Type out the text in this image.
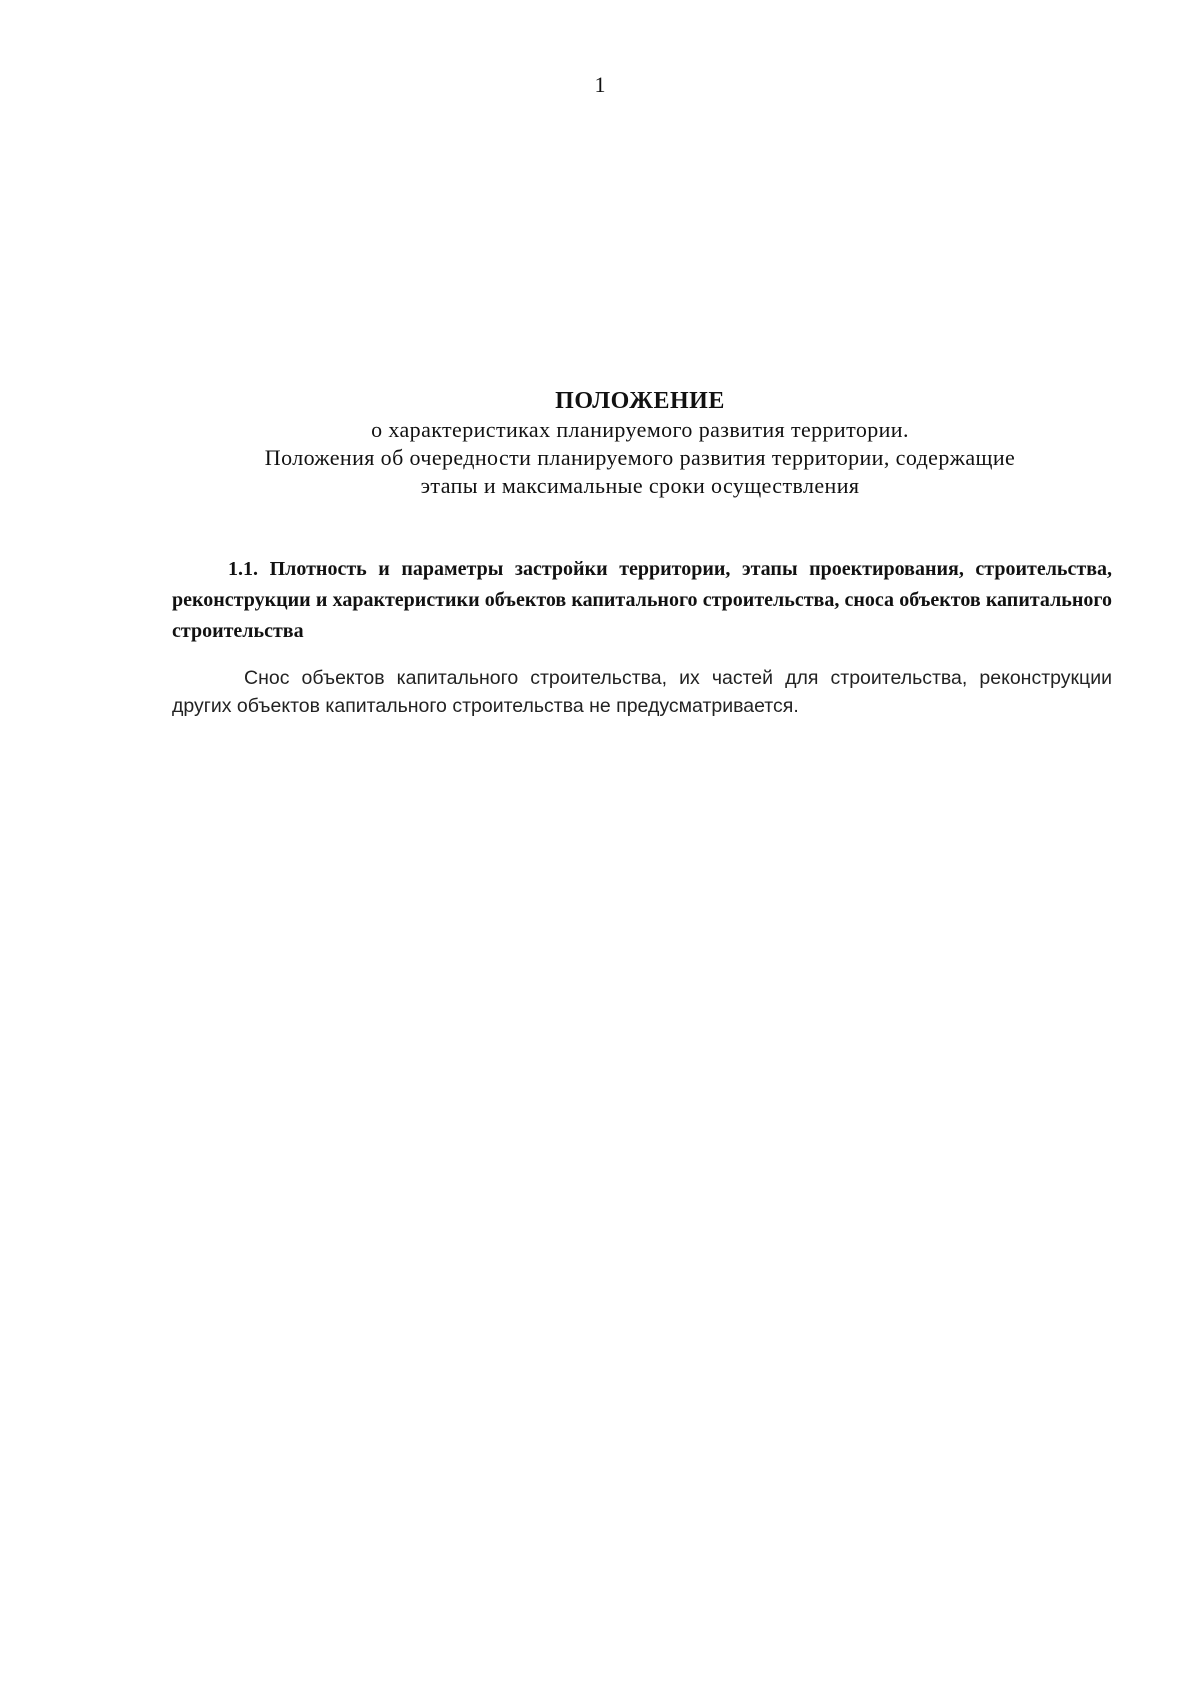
1
ПОЛОЖЕНИЕ
о характеристиках планируемого развития территории.
Положения об очередности планируемого развития территории, содержащие
этапы и максимальные сроки осуществления
1.1. Плотность и параметры застройки территории, этапы проектирования, строительства, реконструкции и характеристики объектов капитального строительства, сноса объектов капитального строительства
Снос объектов капитального строительства, их частей для строительства, реконструкции других объектов капитального строительства не предусматривается.
